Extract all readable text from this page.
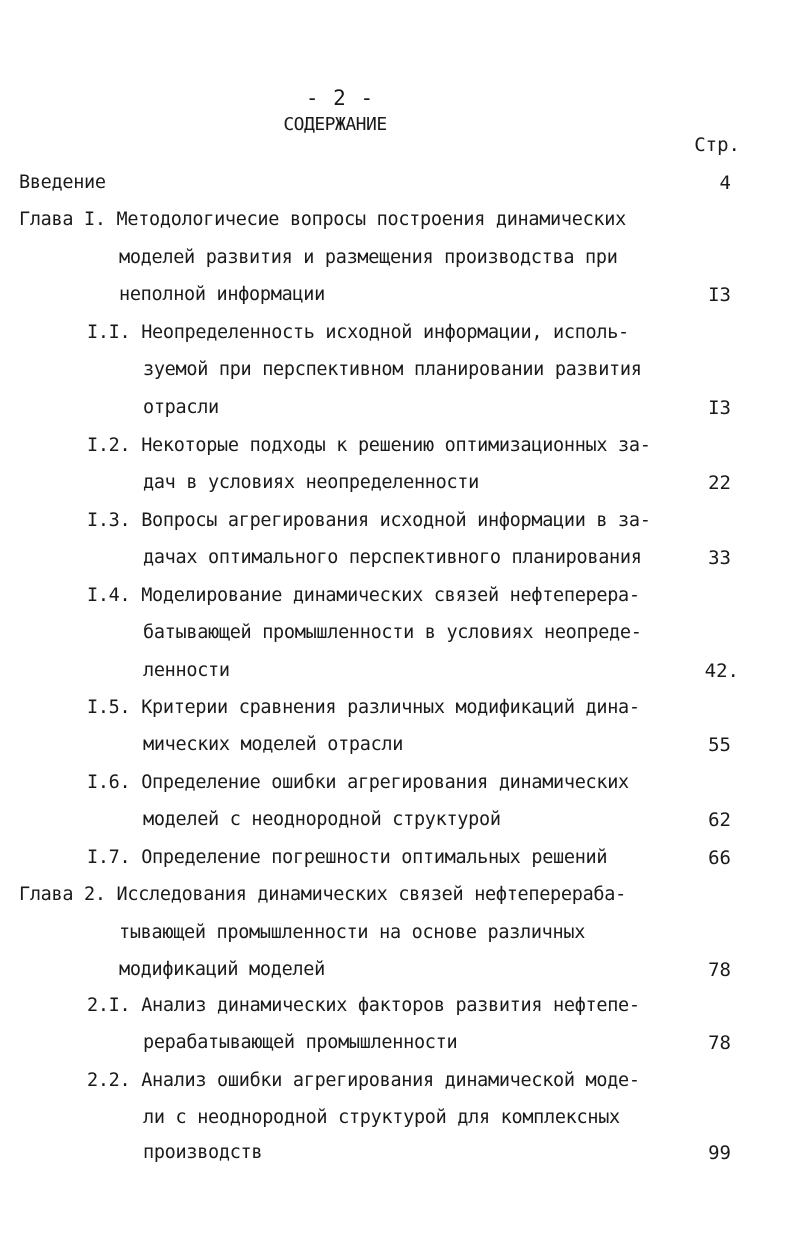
- 2 -
СОДЕРЖАНИЕ
Стр.
Введение	4
Глава I. Методологичесие вопросы построения динамических
моделей развития и размещения производства при
неполной информации	I3
I.I. Неопределенность исходной информации, исполь-
зуемой при перспективном планировании развития
отрасли	I3
I.2. Некоторые подходы к решению оптимизационных за-
дач в условиях неопределенности	22
I.3. Вопросы агрегирования исходной информации в за-
дачах оптимального перспективного планирования	33
I.4. Моделирование динамических связей нефтеперера-
батывающей промышленности в условиях неопреде-
ленности	42.
I.5. Критерии сравнения различных модификаций дина-
мических моделей отрасли	55
I.6. Определение ошибки агрегирования динамических
моделей с неоднородной структурой	62
I.7. Определение погрешности оптимальных решений	66
Глава 2. Исследования динамических связей нефтеперераба-
тывающей промышленности на основе различных
модификаций моделей	78
2.I. Анализ динамических факторов развития нефтепе-
рерабатывающей промышленности	78
2.2. Анализ ошибки агрегирования динамической моде-
ли с неоднородной структурой для комплексных
производств	99
